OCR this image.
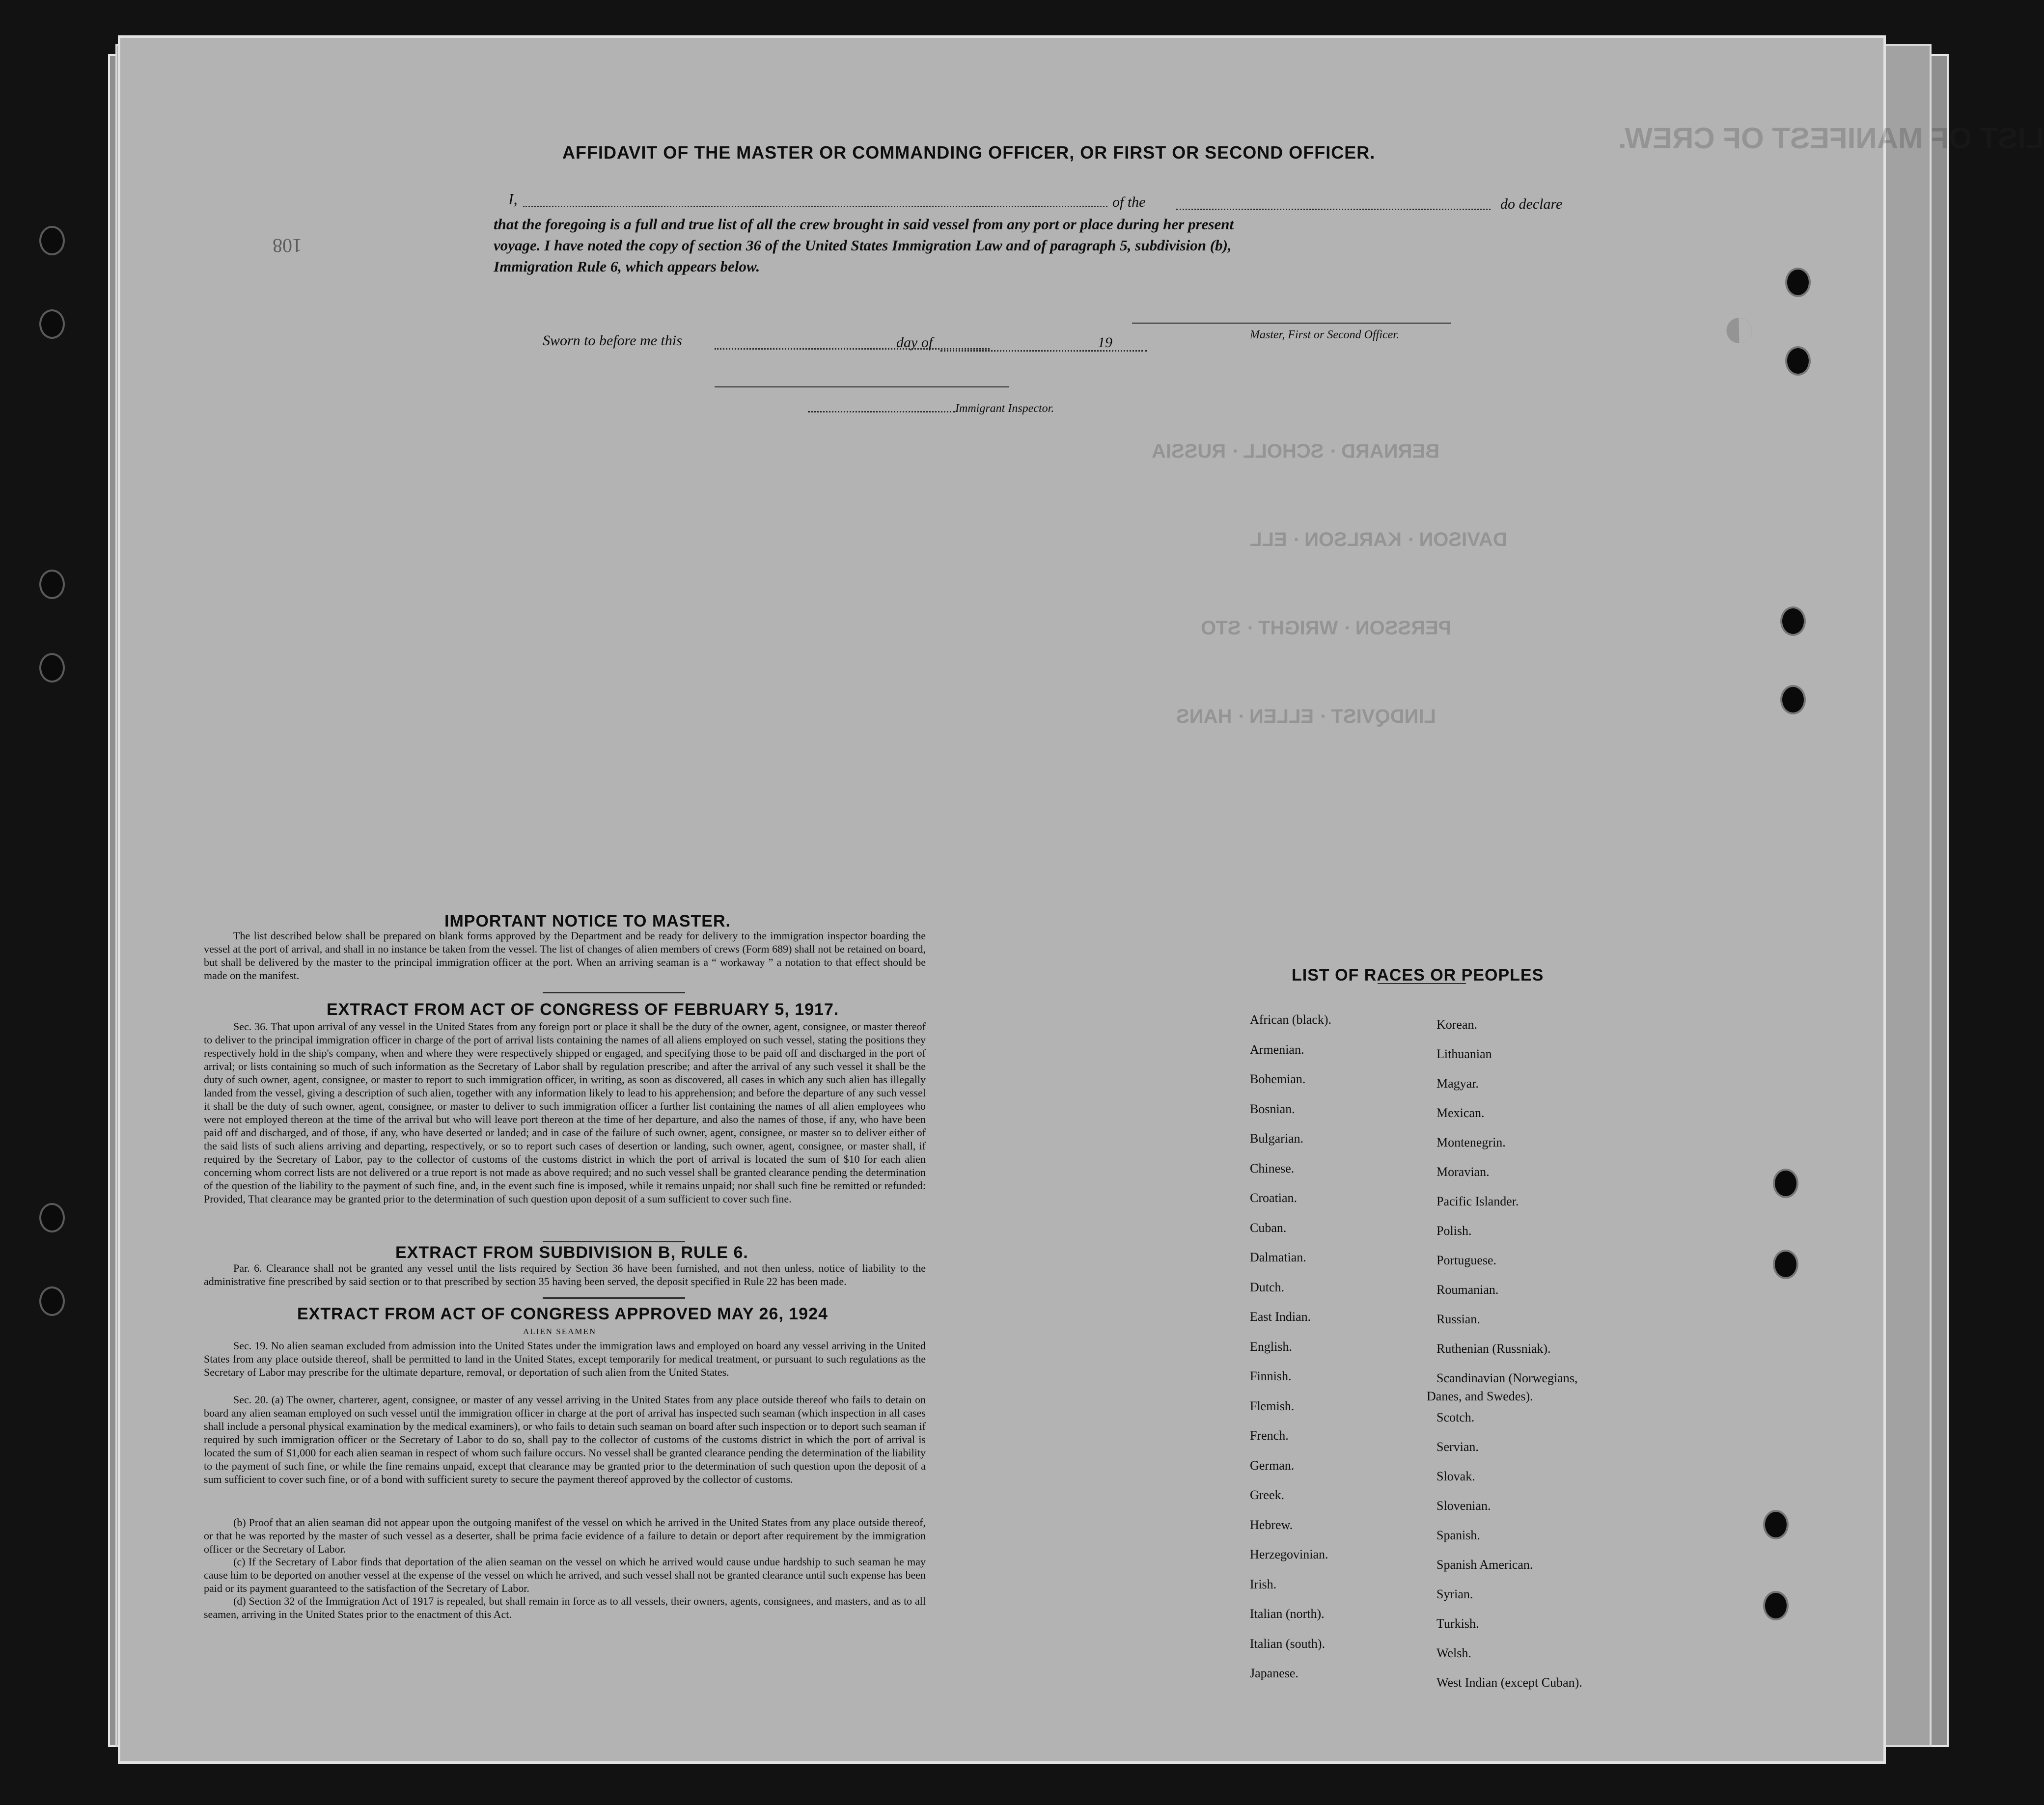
LIST OF MANIFEST OF CREW.
◐
BERNARD · SCHOLL · RUSSIA
DAVISON · KARLSON · ELL
PERSSON · WRIGHT · STO
LINDQVIST · ELLEN · HANS
108
AFFIDAVIT OF THE MASTER OR COMMANDING OFFICER, OR FIRST OR SECOND OFFICER.
I,	of the	do declare
that the foregoing is a full and true list of all the crew brought in said vessel from any port or place during her present
voyage. I have noted the copy of section 36 of the United States Immigration Law and of paragraph 5, subdivision (b),
Immigration Rule 6, which appears below.
Master, First or Second Officer.
Sworn to before me this	day of	19
Immigrant Inspector.
IMPORTANT NOTICE TO MASTER.
The list described below shall be prepared on blank forms approved by the Department and be ready for delivery to the immigration inspector boarding the vessel at the port of arrival, and shall in no instance be taken from the vessel. The list of changes of alien members of crews (Form 689) shall not be retained on board, but shall be delivered by the master to the principal immigration officer at the port. When an arriving seaman is a “ workaway ” a notation to that effect should be made on the manifest.
EXTRACT FROM ACT OF CONGRESS OF FEBRUARY 5, 1917.
Sec. 36. That upon arrival of any vessel in the United States from any foreign port or place it shall be the duty of the owner, agent, consignee, or master thereof to deliver to the principal immigration officer in charge of the port of arrival lists containing the names of all aliens employed on such vessel, stating the positions they respectively hold in the ship's company, when and where they were respectively shipped or engaged, and specifying those to be paid off and discharged in the port of arrival; or lists containing so much of such information as the Secretary of Labor shall by regulation prescribe; and after the arrival of any such vessel it shall be the duty of such owner, agent, consignee, or master to report to such immigration officer, in writing, as soon as discovered, all cases in which any such alien has illegally landed from the vessel, giving a description of such alien, together with any information likely to lead to his apprehension; and before the departure of any such vessel it shall be the duty of such owner, agent, consignee, or master to deliver to such immigration officer a further list containing the names of all alien employees who were not employed thereon at the time of the arrival but who will leave port thereon at the time of her departure, and also the names of those, if any, who have been paid off and discharged, and of those, if any, who have deserted or landed; and in case of the failure of such owner, agent, consignee, or master so to deliver either of the said lists of such aliens arriving and departing, respectively, or so to report such cases of desertion or landing, such owner, agent, consignee, or master shall, if required by the Secretary of Labor, pay to the collector of customs of the customs district in which the port of arrival is located the sum of $10 for each alien concerning whom correct lists are not delivered or a true report is not made as above required; and no such vessel shall be granted clearance pending the determination of the question of the liability to the payment of such fine, and, in the event such fine is imposed, while it remains unpaid; nor shall such fine be remitted or refunded: Provided, That clearance may be granted prior to the determination of such question upon deposit of a sum sufficient to cover such fine.
EXTRACT FROM SUBDIVISION B, RULE 6.
Par. 6. Clearance shall not be granted any vessel until the lists required by Section 36 have been furnished, and not then unless, notice of liability to the administrative fine prescribed by said section or to that prescribed by section 35 having been served, the deposit specified in Rule 22 has been made.
EXTRACT FROM ACT OF CONGRESS APPROVED MAY 26, 1924
ALIEN SEAMEN
Sec. 19. No alien seaman excluded from admission into the United States under the immigration laws and employed on board any vessel arriving in the United States from any place outside thereof, shall be permitted to land in the United States, except temporarily for medical treatment, or pursuant to such regulations as the Secretary of Labor may prescribe for the ultimate departure, removal, or deportation of such alien from the United States.
Sec. 20. (a) The owner, charterer, agent, consignee, or master of any vessel arriving in the United States from any place outside thereof who fails to detain on board any alien seaman employed on such vessel until the immigration officer in charge at the port of arrival has inspected such seaman (which inspection in all cases shall include a personal physical examination by the medical examiners), or who fails to detain such seaman on board after such inspection or to deport such seaman if required by such immigration officer or the Secretary of Labor to do so, shall pay to the collector of customs of the customs district in which the port of arrival is located the sum of $1,000 for each alien seaman in respect of whom such failure occurs. No vessel shall be granted clearance pending the determination of the liability to the payment of such fine, or while the fine remains unpaid, except that clearance may be granted prior to the determination of such question upon the deposit of a sum sufficient to cover such fine, or of a bond with sufficient surety to secure the payment thereof approved by the collector of customs.
(b) Proof that an alien seaman did not appear upon the outgoing manifest of the vessel on which he arrived in the United States from any place outside thereof, or that he was reported by the master of such vessel as a deserter, shall be prima facie evidence of a failure to detain or deport after requirement by the immigration officer or the Secretary of Labor.
(c) If the Secretary of Labor finds that deportation of the alien seaman on the vessel on which he arrived would cause undue hardship to such seaman he may cause him to be deported on another vessel at the expense of the vessel on which he arrived, and such vessel shall not be granted clearance until such expense has been paid or its payment guaranteed to the satisfaction of the Secretary of Labor.
(d) Section 32 of the Immigration Act of 1917 is repealed, but shall remain in force as to all vessels, their owners, agents, consignees, and masters, and as to all seamen, arriving in the United States prior to the enactment of this Act.
LIST OF RACES OR PEOPLES
African (black).
Armenian.
Bohemian.
Bosnian.
Bulgarian.
Chinese.
Croatian.
Cuban.
Dalmatian.
Dutch.
East Indian.
English.
Finnish.
Flemish.
French.
German.
Greek.
Hebrew.
Herzegovinian.
Irish.
Italian (north).
Italian (south).
Japanese.
Korean.
Lithuanian
Magyar.
Mexican.
Montenegrin.
Moravian.
Pacific Islander.
Polish.
Portuguese.
Roumanian.
Russian.
Ruthenian (Russniak).
Scandinavian (Norwegians,
Scotch.
Servian.
Slovak.
Slovenian.
Spanish.
Spanish American.
Syrian.
Turkish.
Welsh.
West Indian (except Cuban).
Danes, and Swedes).
